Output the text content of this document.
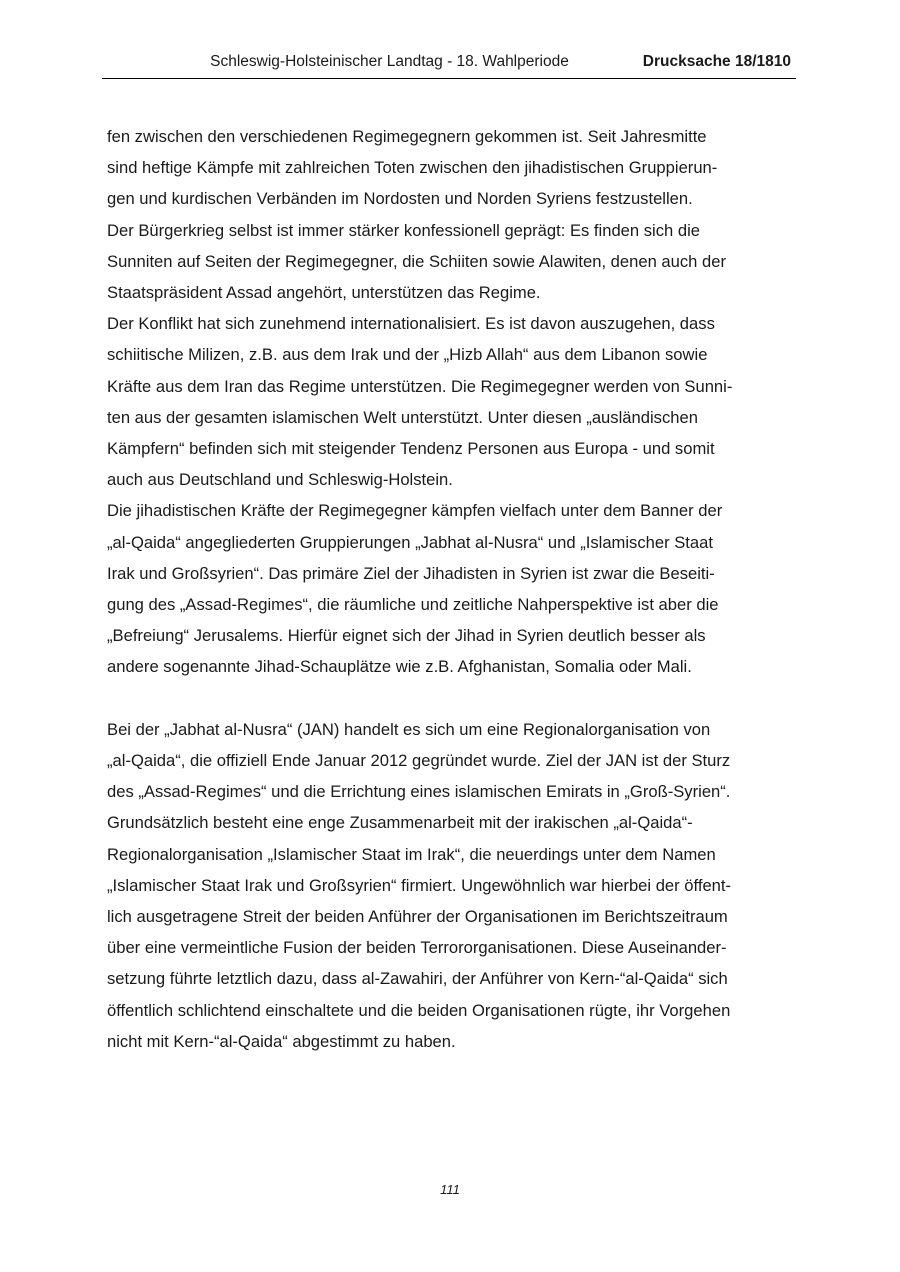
Schleswig-Holsteinischer Landtag - 18. Wahlperiode	Drucksache 18/1810
fen zwischen den verschiedenen Regimegegnern gekommen ist. Seit Jahresmitte
sind heftige Kämpfe mit zahlreichen Toten zwischen den jihadistischen Gruppierun-
gen und kurdischen Verbänden im Nordosten und Norden Syriens festzustellen.
Der Bürgerkrieg selbst ist immer stärker konfessionell geprägt: Es finden sich die
Sunniten auf Seiten der Regimegegner, die Schiiten sowie Alawiten, denen auch der
Staatspräsident Assad angehört, unterstützen das Regime.
Der Konflikt hat sich zunehmend internationalisiert. Es ist davon auszugehen, dass
schiitische Milizen, z.B. aus dem Irak und der „Hizb Allah“ aus dem Libanon sowie
Kräfte aus dem Iran das Regime unterstützen. Die Regimegegner werden von Sunni-
ten aus der gesamten islamischen Welt unterstützt. Unter diesen „ausländischen
Kämpfern“ befinden sich mit steigender Tendenz Personen aus Europa - und somit
auch aus Deutschland und Schleswig-Holstein.
Die jihadistischen Kräfte der Regimegegner kämpfen vielfach unter dem Banner der
„al-Qaida“ angegliederten Gruppierungen „Jabhat al-Nusra“ und „Islamischer Staat
Irak und Großsyrien“. Das primäre Ziel der Jihadisten in Syrien ist zwar die Beseiti-
gung des „Assad-Regimes“, die räumliche und zeitliche Nahperspektive ist aber die
„Befreiung“ Jerusalems. Hierfür eignet sich der Jihad in Syrien deutlich besser als
andere sogenannte Jihad-Schauplätze wie z.B. Afghanistan, Somalia oder Mali.
Bei der „Jabhat al-Nusra“ (JAN) handelt es sich um eine Regionalorganisation von
„al-Qaida“, die offiziell Ende Januar 2012 gegründet wurde. Ziel der JAN ist der Sturz
des „Assad-Regimes“ und die Errichtung eines islamischen Emirats in „Groß-Syrien“.
Grundsätzlich besteht eine enge Zusammenarbeit mit der irakischen „al-Qaida“-
Regionalorganisation „Islamischer Staat im Irak“, die neuerdings unter dem Namen
„Islamischer Staat Irak und Großsyrien“ firmiert. Ungewöhnlich war hierbei der öffent-
lich ausgetragene Streit der beiden Anführer der Organisationen im Berichtszeitraum
über eine vermeintliche Fusion der beiden Terrororganisationen. Diese Auseinander-
setzung führte letztlich dazu, dass al-Zawahiri, der Anführer von Kern-“al-Qaida“ sich
öffentlich schlichtend einschaltete und die beiden Organisationen rügte, ihr Vorgehen
nicht mit Kern-“al-Qaida“ abgestimmt zu haben.
111
